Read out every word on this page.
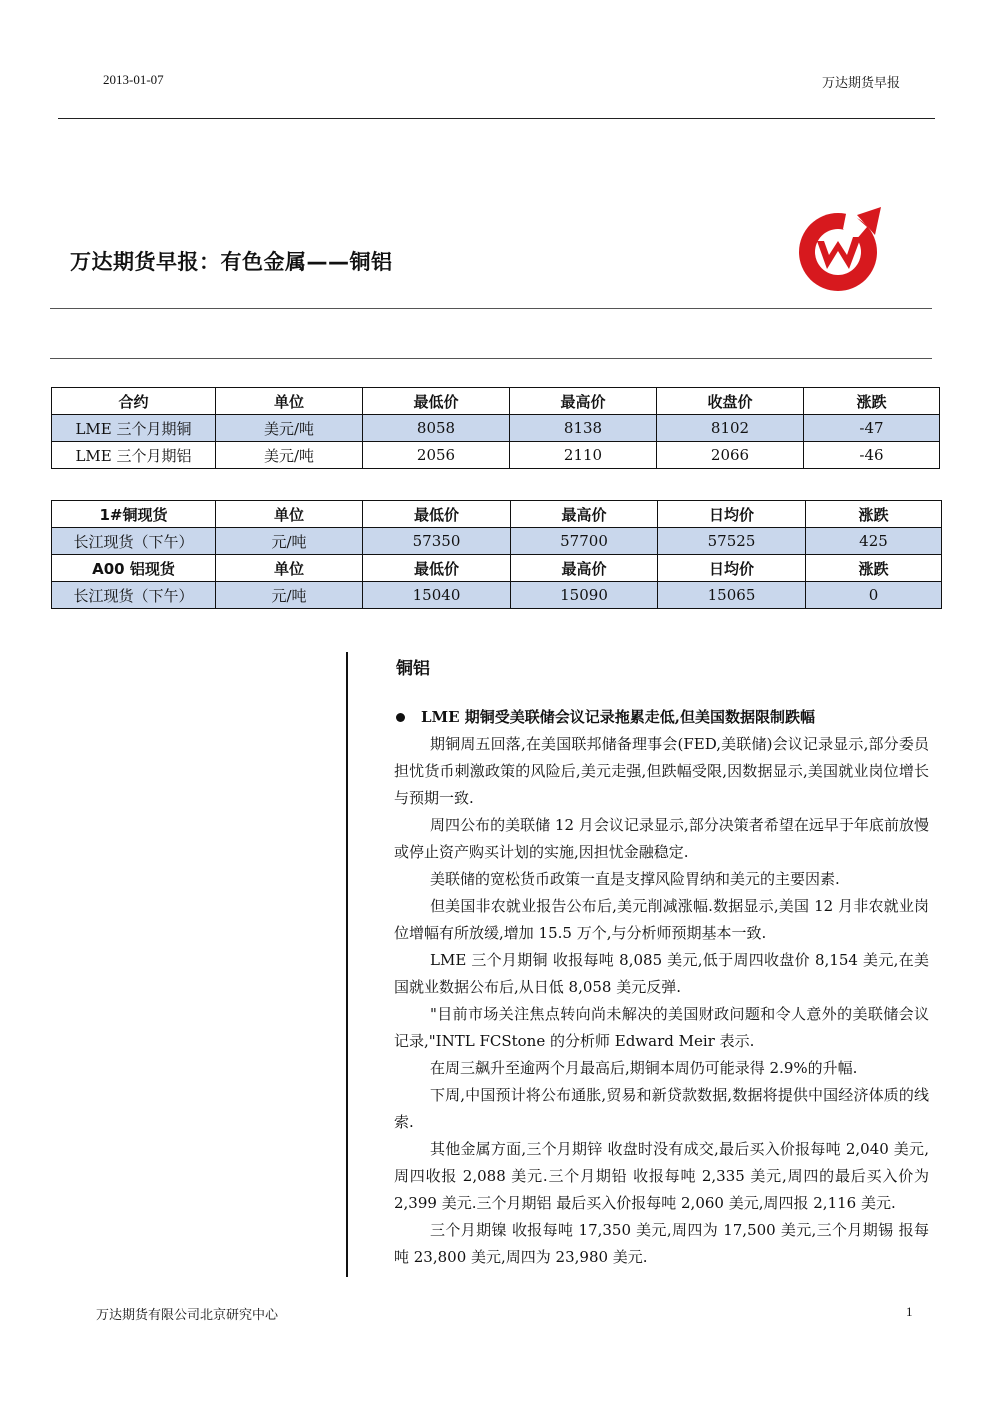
2013-01-07	万达期货早报
万达期货早报：有色金属——铜铝
合约	单位	最低价	最高价	收盘价	涨跌
LME 三个月期铜	美元/吨	8058	8138	8102	-47
LME 三个月期铝	美元/吨	2056	2110	2066	-46
1#铜现货	单位	最低价	最高价	日均价	涨跌
长江现货（下午）	元/吨	57350	57700	57525	425
A00 铝现货	单位	最低价	最高价	日均价	涨跌
长江现货（下午）	元/吨	15040	15090	15065	0
铜铝
LME 期铜受美联储会议记录拖累走低,但美国数据限制跌幅

期铜周五回落,在美国联邦储备理事会(FED,美联储)会议记录显示,部分委员担忧货币刺激政策的风险后,美元走强,但跌幅受限,因数据显示,美国就业岗位增长与预期一致.

周四公布的美联储 12 月会议记录显示,部分决策者希望在远早于年底前放慢或停止资产购买计划的实施,因担忧金融稳定.

美联储的宽松货币政策一直是支撑风险胃纳和美元的主要因素.

但美国非农就业报告公布后,美元削减涨幅.数据显示,美国 12 月非农就业岗位增幅有所放缓,增加 15.5 万个,与分析师预期基本一致.

LME 三个月期铜 收报每吨 8,085 美元,低于周四收盘价 8,154 美元,在美国就业数据公布后,从日低 8,058 美元反弹.

"目前市场关注焦点转向尚未解决的美国财政问题和令人意外的美联储会议记录,"INTL FCStone 的分析师 Edward Meir 表示.

在周三飙升至逾两个月最高后,期铜本周仍可能录得 2.9%的升幅.

下周,中国预计将公布通胀,贸易和新贷款数据,数据将提供中国经济体质的线索.

其他金属方面,三个月期锌 收盘时没有成交,最后买入价报每吨 2,040 美元,周四收报 2,088 美元.三个月期铅 收报每吨 2,335 美元,周四的最后买入价为 2,399 美元.三个月期铝 最后买入价报每吨 2,060 美元,周四报 2,116 美元.

三个月期镍 收报每吨 17,350 美元,周四为 17,500 美元,三个月期锡 报每吨 23,800 美元,周四为 23,980 美元.

万达期货有限公司北京研究中心	1
